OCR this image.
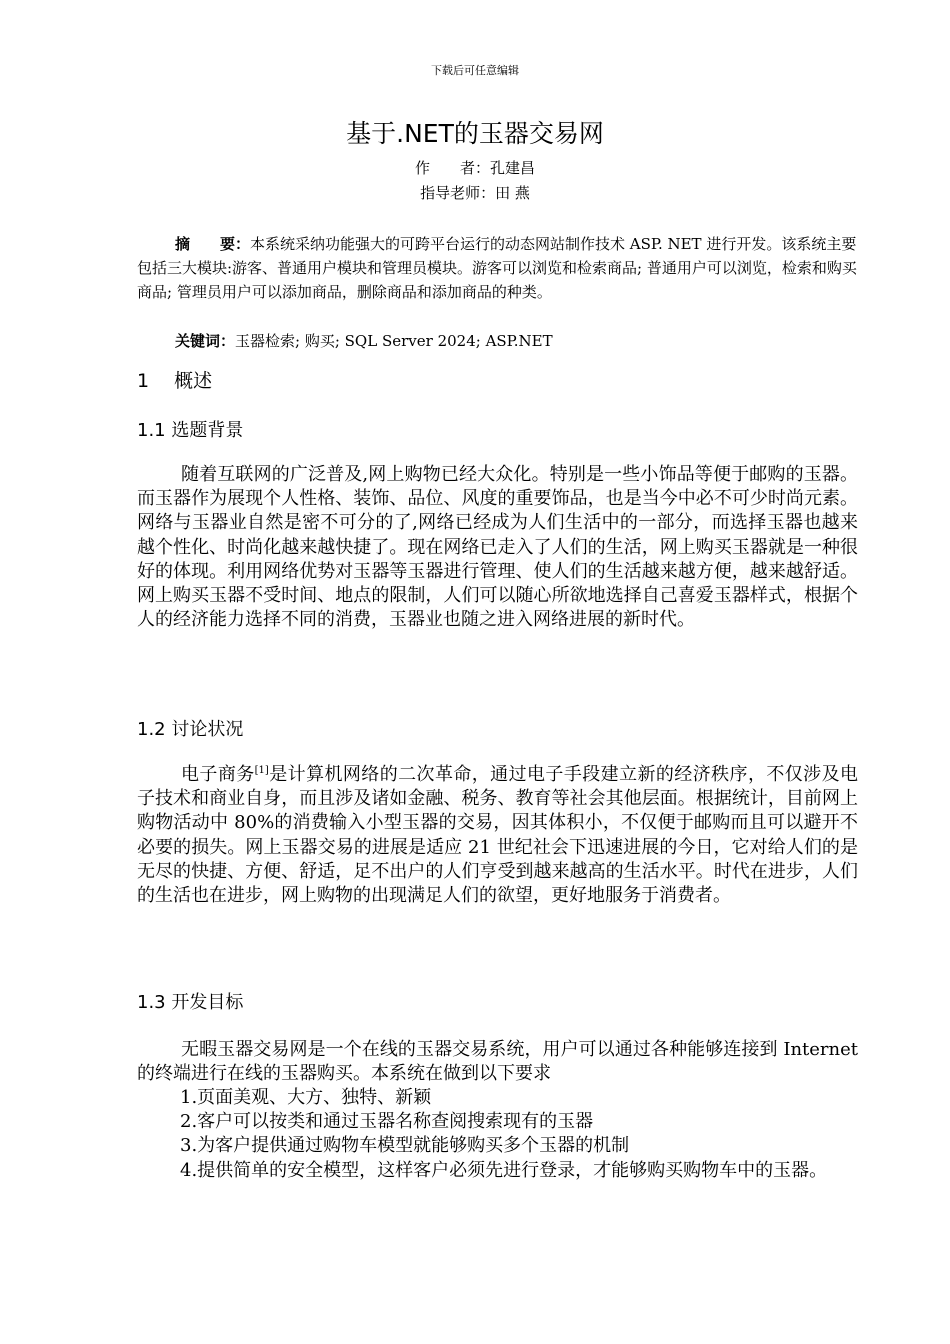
下载后可任意编辑
基于.NET的玉器交易网
作　　者：孔建昌
指导老师：田 燕
摘　　要：本系统采纳功能强大的可跨平台运行的动态网站制作技术 ASP. NET 进行开发。该系统主要包括三大模块:游客、普通用户模块和管理员模块。游客可以浏览和检索商品; 普通用户可以浏览，检索和购买商品; 管理员用户可以添加商品，删除商品和添加商品的种类。
关键词：玉器检索; 购买; SQL Server 2024; ASP.NET
1　 概述
1.1 选题背景

随着互联网的广泛普及,网上购物已经大众化。特别是一些小饰品等便于邮购的玉器。而玉器作为展现个人性格、装饰、品位、风度的重要饰品，也是当今中必不可少时尚元素。网络与玉器业自然是密不可分的了,网络已经成为人们生活中的一部分，而选择玉器也越来越个性化、时尚化越来越快捷了。现在网络已走入了人们的生活，网上购买玉器就是一种很好的体现。利用网络优势对玉器等玉器进行管理、使人们的生活越来越方便，越来越舒适。网上购买玉器不受时间、地点的限制，人们可以随心所欲地选择自己喜爱玉器样式，根据个人的经济能力选择不同的消费，玉器业也随之进入网络进展的新时代。

1.2 讨论状况

电子商务[1]是计算机网络的二次革命，通过电子手段建立新的经济秩序，不仅涉及电子技术和商业自身，而且涉及诸如金融、税务、教育等社会其他层面。根据统计，目前网上购物活动中 80%的消费输入小型玉器的交易，因其体积小，不仅便于邮购而且可以避开不必要的损失。网上玉器交易的进展是适应 21 世纪社会下迅速进展的今日，它对给人们的是无尽的快捷、方便、舒适，足不出户的人们亨受到越来越高的生活水平。时代在进步，人们的生活也在进步，网上购物的出现满足人们的欲望，更好地服务于消费者。

1.3 开发目标

无暇玉器交易网是一个在线的玉器交易系统，用户可以通过各种能够连接到 Internet 的终端进行在线的玉器购买。本系统在做到以下要求

1.页面美观、大方、独特、新颖
2.客户可以按类和通过玉器名称查阅搜索现有的玉器
3.为客户提供通过购物车模型就能够购买多个玉器的机制
4.提供简单的安全模型，这样客户必须先进行登录，才能够购买购物车中的玉器。
